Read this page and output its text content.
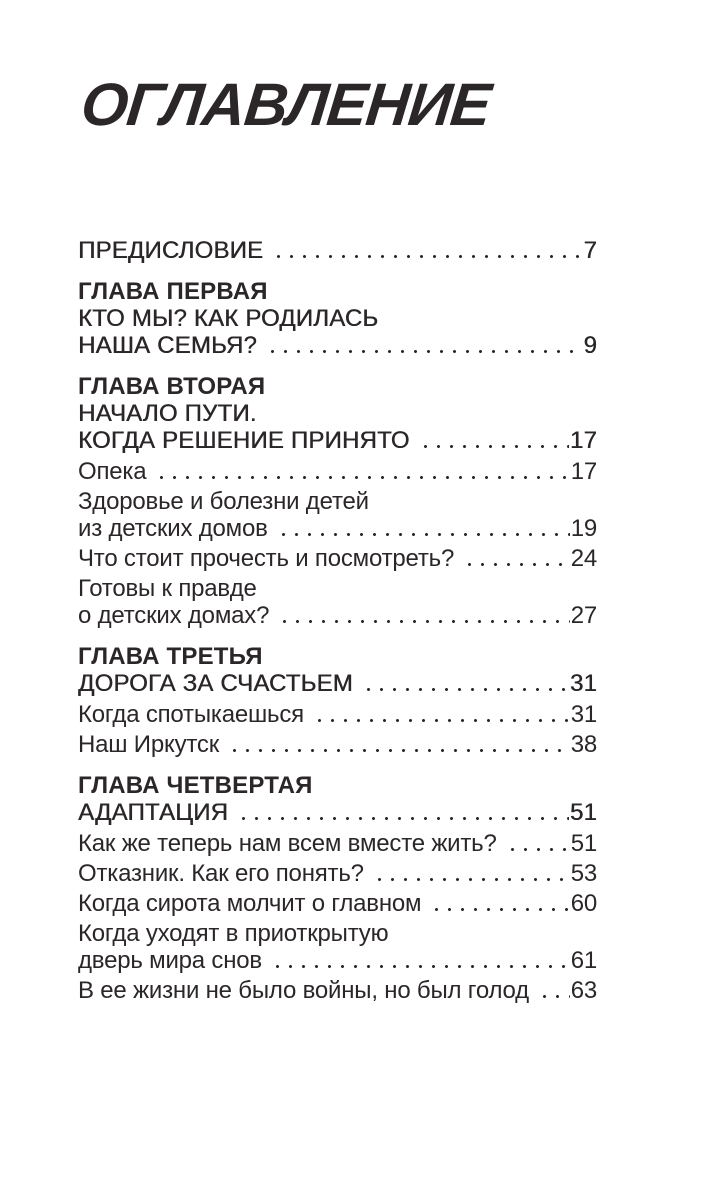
ОГЛАВЛЕНИЕ
ПРЕДИСЛОВИЕ	7
ГЛАВА ПЕРВАЯ
КТО МЫ? КАК РОДИЛАСЬ
НАША СЕМЬЯ?	9
ГЛАВА ВТОРАЯ
НАЧАЛО ПУТИ.
КОГДА РЕШЕНИЕ ПРИНЯТО	17
Опека	17
Здоровье и болезни детей
из детских домов	19
Что стоит прочесть и посмотреть?	24
Готовы к правде
о детских домах?	27
ГЛАВА ТРЕТЬЯ
ДОРОГА ЗА СЧАСТЬЕМ	31
Когда спотыкаешься	31
Наш Иркутск	38
ГЛАВА ЧЕТВЕРТАЯ
АДАПТАЦИЯ	51
Как же теперь нам всем вместе жить?	51
Отказник. Как его понять?	53
Когда сирота молчит о главном	60
Когда уходят в приоткрытую
дверь мира снов	61
В ее жизни не было войны, но был голод 63
